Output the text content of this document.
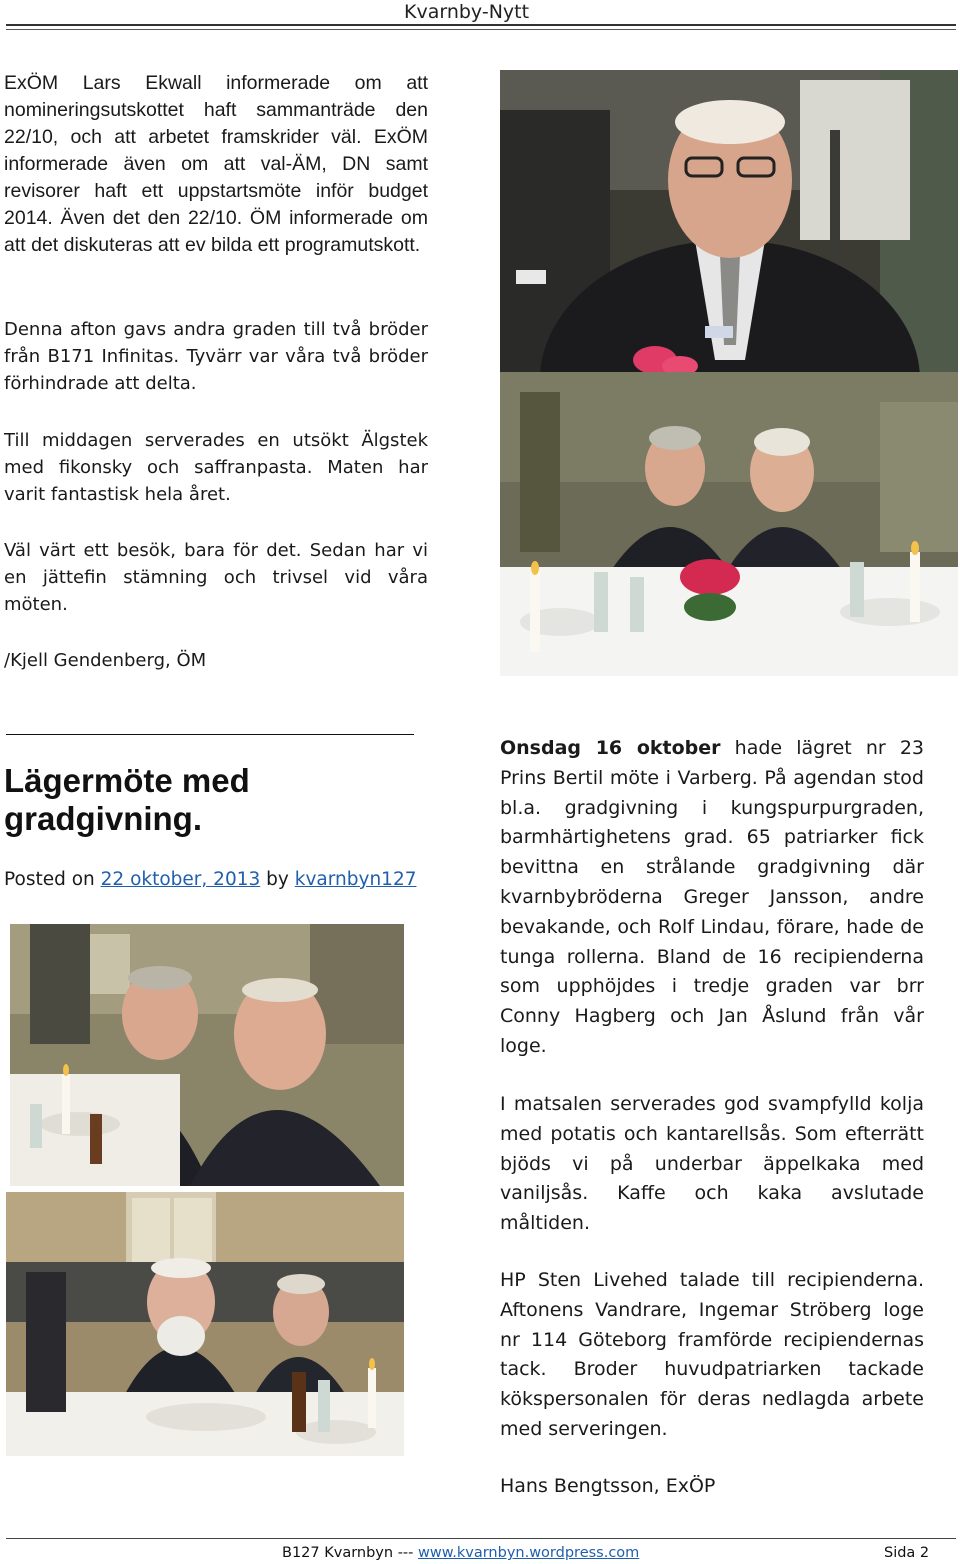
Kvarnby-Nytt

ExÖM Lars Ekwall informerade om att nomineringsutskottet haft sammanträde den 22/10, och att arbetet framskrider väl. ExÖM informerade även om att val-ÄM, DN samt revisorer haft ett uppstartsmöte inför budget 2014. Även det den 22/10. ÖM informerade om att det diskuteras att ev bilda ett programutskott.

Denna afton gavs andra graden till två bröder från B171 Infinitas. Tyvärr var våra två bröder förhindrade att delta.

Till middagen serverades en utsökt Älgstek med fikonsky och saffranpasta. Maten har varit fantastisk hela året.

Väl värt ett besök, bara för det. Sedan har vi en jättefin stämning och trivsel vid våra möten.

/Kjell Gendenberg, ÖM

Lägermöte med gradgivning.
Posted on 22 oktober, 2013 by kvarnbyn127

Onsdag 16 oktober hade lägret nr 23 Prins Bertil möte i Varberg. På agendan stod bl.a. gradgivning i kungspurpurgraden, barmhärtighetens grad. 65 patriarker fick bevittna en strålande gradgivning där kvarnbybröderna Greger Jansson, andre bevakande, och Rolf Lindau, förare, hade de tunga rollerna. Bland de 16 recipienderna som upphöjdes i tredje graden var brr Conny Hagberg och Jan Åslund från vår loge.

I matsalen serverades god svampfylld kolja med potatis och kantarellsås. Som efterrätt bjöds vi på underbar äppelkaka med vaniljsås. Kaffe och kaka avslutade måltiden.

HP Sten Livehed talade till recipienderna. Aftonens Vandrare, Ingemar Ströberg loge nr 114 Göteborg framförde recipiendernas tack. Broder huvudpatriarken tackade kökspersonalen för deras nedlagda arbete med serveringen.

Hans Bengtsson, ExÖP

B127 Kvarnbyn --- www.kvarnbyn.wordpress.com	Sida 2
